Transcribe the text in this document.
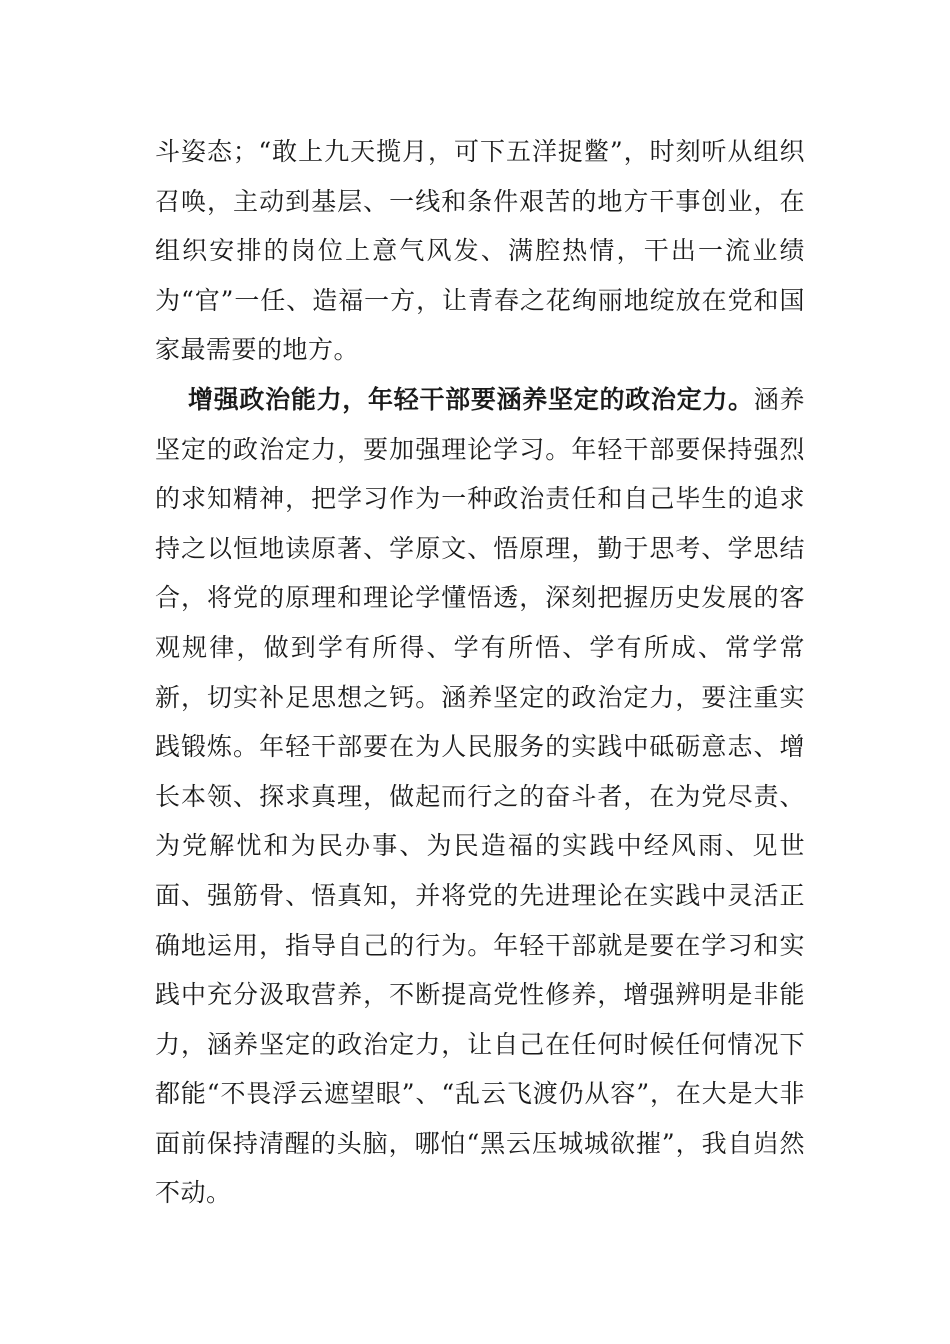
斗姿态；“敢上九天揽月，可下五洋捉鳖”，时刻听从组织召唤，主动到基层、一线和条件艰苦的地方干事创业，在组织安排的岗位上意气风发、满腔热情，干出一流业绩为“官”一任、造福一方，让青春之花绚丽地绽放在党和国家最需要的地方。

增强政治能力，年轻干部要涵养坚定的政治定力。涵养坚定的政治定力，要加强理论学习。年轻干部要保持强烈的求知精神，把学习作为一种政治责任和自己毕生的追求持之以恒地读原著、学原文、悟原理，勤于思考、学思结合，将党的原理和理论学懂悟透，深刻把握历史发展的客观规律，做到学有所得、学有所悟、学有所成、常学常新，切实补足思想之钙。涵养坚定的政治定力，要注重实践锻炼。年轻干部要在为人民服务的实践中砥砺意志、增长本领、探求真理，做起而行之的奋斗者，在为党尽责、为党解忧和为民办事、为民造福的实践中经风雨、见世面、强筋骨、悟真知，并将党的先进理论在实践中灵活正确地运用，指导自己的行为。年轻干部就是要在学习和实践中充分汲取营养，不断提高党性修养，增强辨明是非能力，涵养坚定的政治定力，让自己在任何时候任何情况下都能“不畏浮云遮望眼”、“乱云飞渡仍从容”，在大是大非面前保持清醒的头脑，哪怕“黑云压城城欲摧”，我自岿然不动。
